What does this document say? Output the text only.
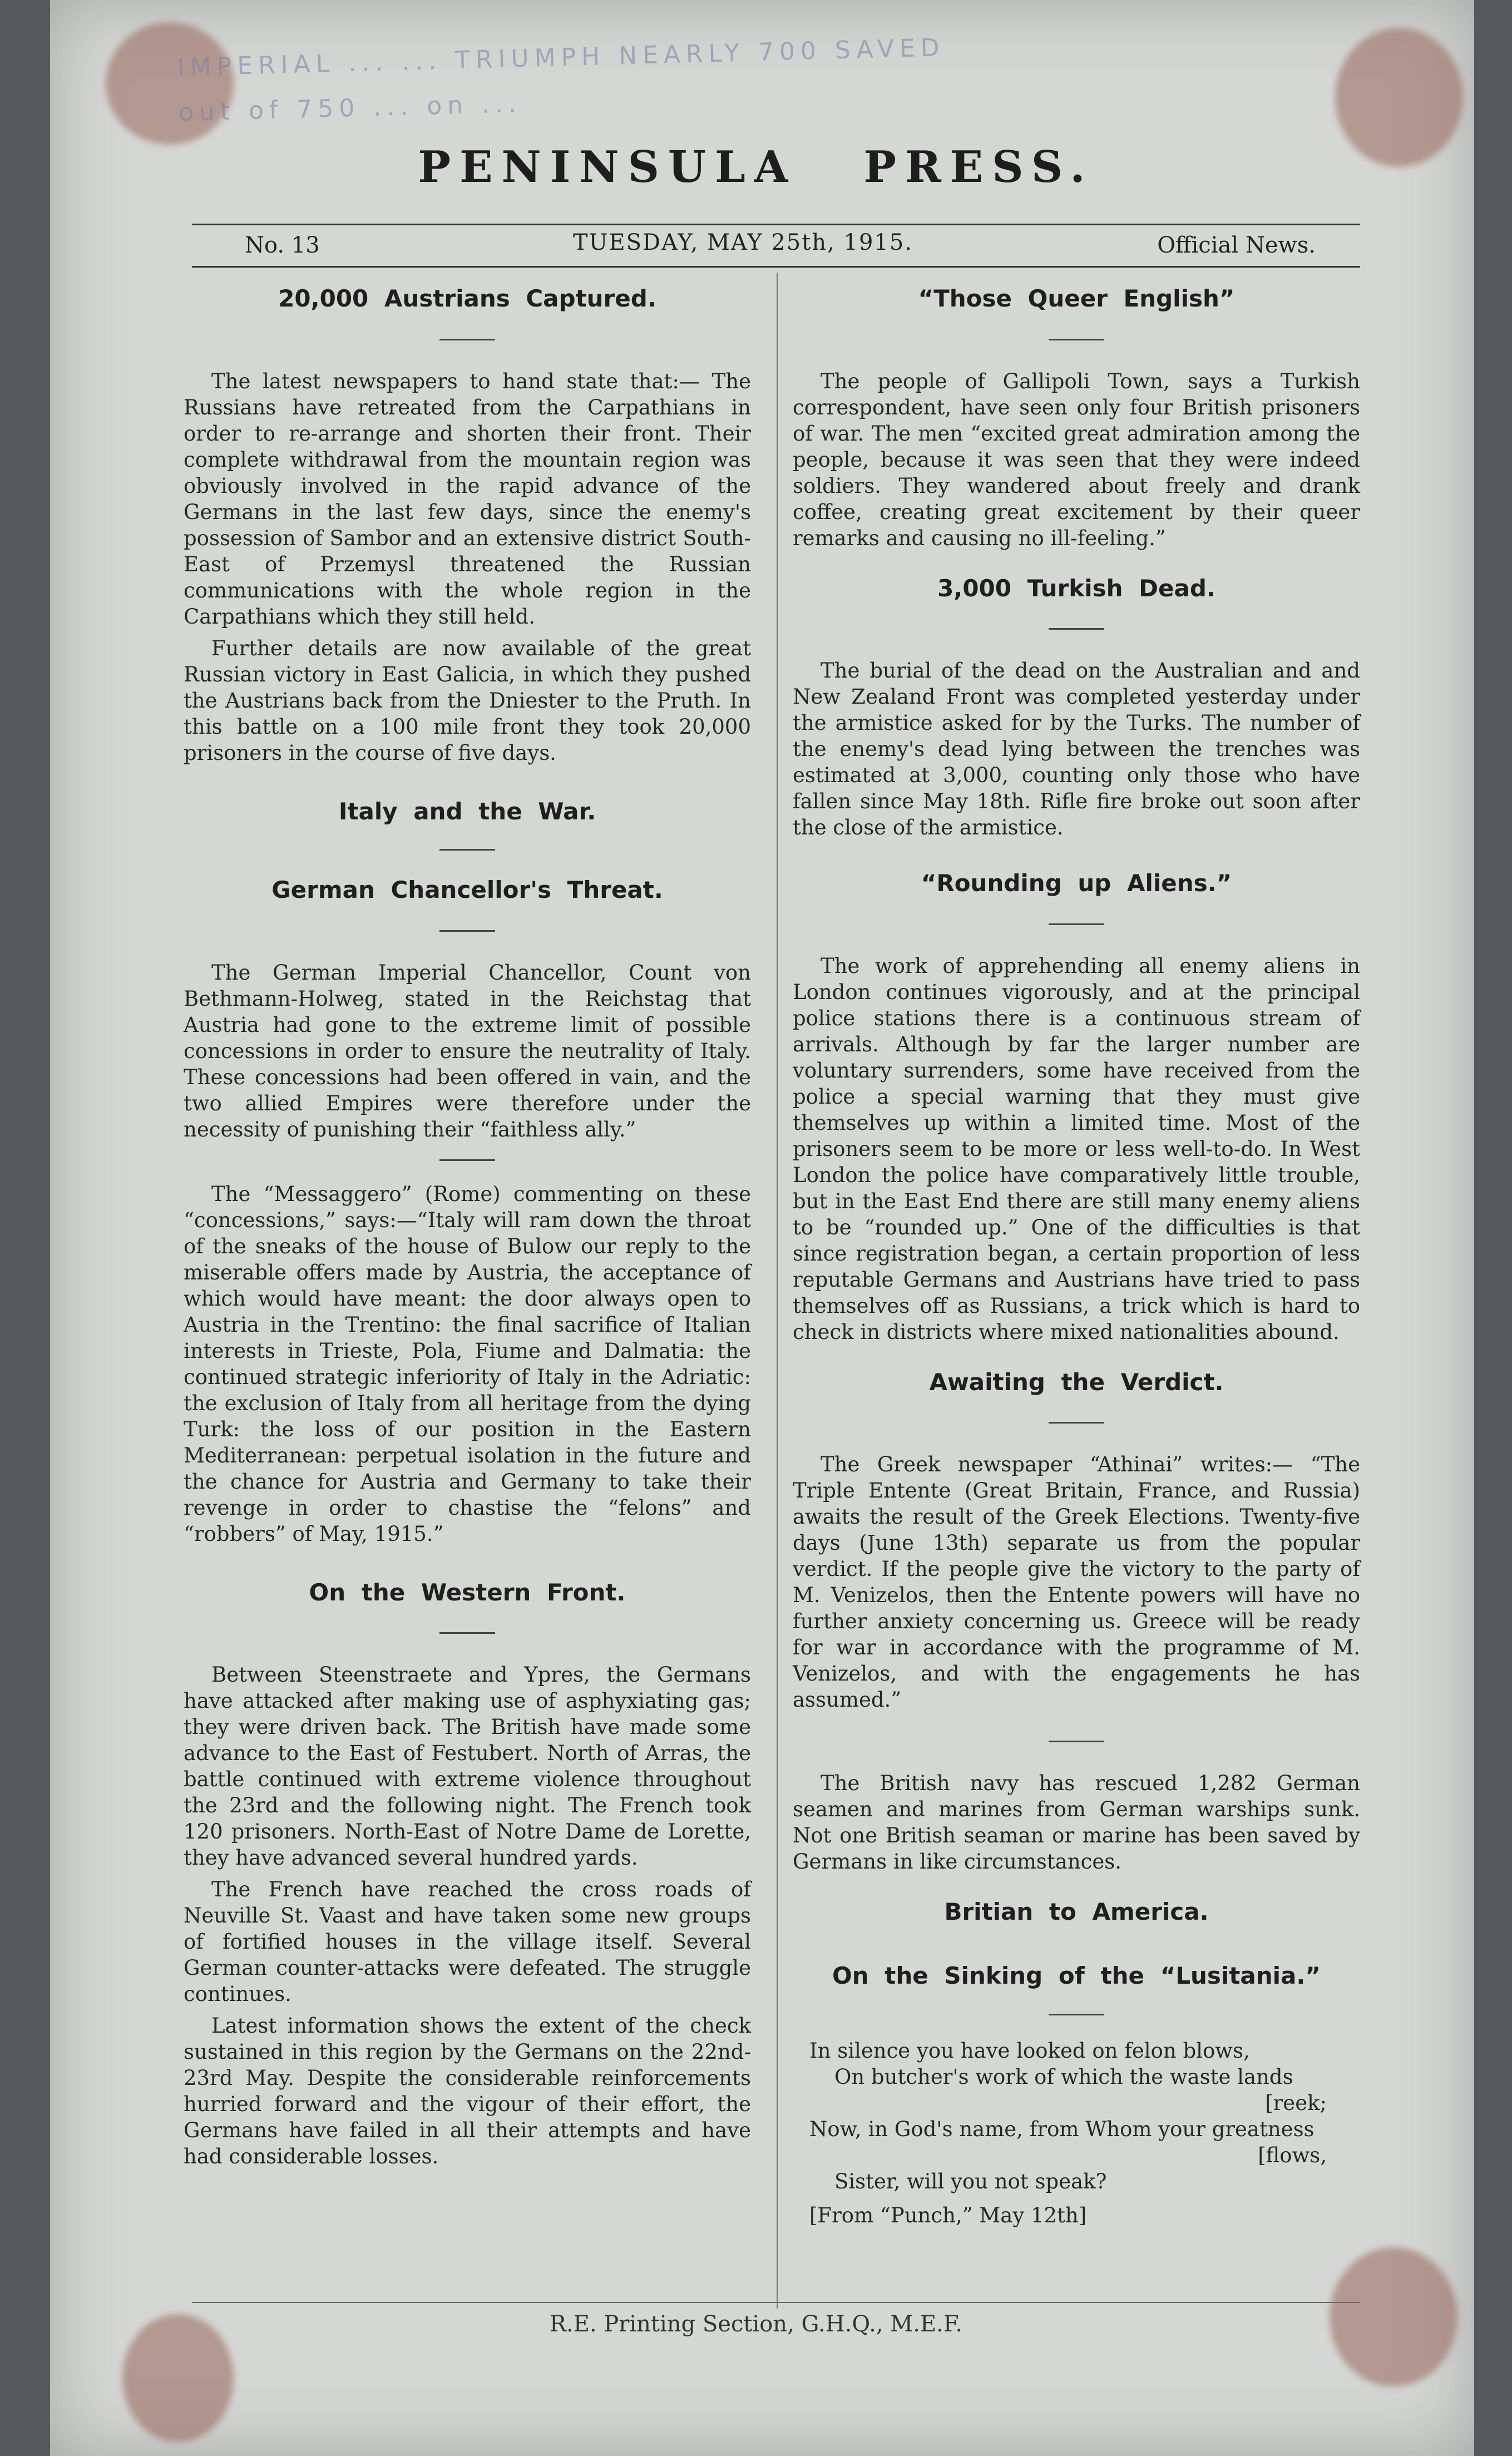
IMPERIAL ... ... TRIUMPH NEARLY 700 SAVED
out of 750 ... on ...
PENINSULA PRESS.
No. 13	TUESDAY, MAY 25th, 1915.	Official News.
20,000 Austrians Captured.

The latest newspapers to hand state that:— The Russians have retreated from the Carpathians in order to re-arrange and shorten their front. Their complete withdrawal from the mountain region was obviously involved in the rapid advance of the Germans in the last few days, since the enemy's possession of Sambor and an extensive district South-East of Przemysl threatened the Russian communications with the whole region in the Carpathians which they still held.

Further details are now available of the great Russian victory in East Galicia, in which they pushed the Austrians back from the Dniester to the Pruth. In this battle on a 100 mile front they took 20,000 prisoners in the course of five days.

Italy and the War.
German Chancellor's Threat.

The German Imperial Chancellor, Count von Bethmann-Holweg, stated in the Reichstag that Austria had gone to the extreme limit of possible concessions in order to ensure the neutrality of Italy. These concessions had been offered in vain, and the two allied Empires were therefore under the necessity of punishing their “faithless ally.”

The “Messaggero” (Rome) commenting on these “concessions,” says:—“Italy will ram down the throat of the sneaks of the house of Bulow our reply to the miserable offers made by Austria, the acceptance of which would have meant: the door always open to Austria in the Trentino: the final sacrifice of Italian interests in Trieste, Pola, Fiume and Dalmatia: the continued strategic inferiority of Italy in the Adriatic: the exclusion of Italy from all heritage from the dying Turk: the loss of our position in the Eastern Mediterranean: perpetual isolation in the future and the chance for Austria and Germany to take their revenge in order to chastise the “felons” and “robbers” of May, 1915.”

On the Western Front.

Between Steenstraete and Ypres, the Germans have attacked after making use of asphyxiating gas; they were driven back. The British have made some advance to the East of Festubert. North of Arras, the battle continued with extreme violence throughout the 23rd and the following night. The French took 120 prisoners. North-East of Notre Dame de Lorette, they have advanced several hundred yards.

The French have reached the cross roads of Neuville St. Vaast and have taken some new groups of fortified houses in the village itself. Several German counter-attacks were defeated. The struggle continues.

Latest information shows the extent of the check sustained in this region by the Germans on the 22nd-23rd May. Despite the considerable reinforcements hurried forward and the vigour of their effort, the Germans have failed in all their attempts and have had considerable losses.

“Those Queer English”

The people of Gallipoli Town, says a Turkish correspondent, have seen only four British prisoners of war. The men “excited great admiration among the people, because it was seen that they were indeed soldiers. They wandered about freely and drank coffee, creating great excitement by their queer remarks and causing no ill-feeling.”

3,000 Turkish Dead.

The burial of the dead on the Australian and and New Zealand Front was completed yesterday under the armistice asked for by the Turks. The number of the enemy's dead lying between the trenches was estimated at 3,000, counting only those who have fallen since May 18th. Rifle fire broke out soon after the close of the armistice.

“Rounding up Aliens.”

The work of apprehending all enemy aliens in London continues vigorously, and at the principal police stations there is a continuous stream of arrivals. Although by far the larger number are voluntary surrenders, some have received from the police a special warning that they must give themselves up within a limited time. Most of the prisoners seem to be more or less well-to-do. In West London the police have comparatively little trouble, but in the East End there are still many enemy aliens to be “rounded up.” One of the difficulties is that since registration began, a certain proportion of less reputable Germans and Austrians have tried to pass themselves off as Russians, a trick which is hard to check in districts where mixed nationalities abound.

Awaiting the Verdict.

The Greek newspaper “Athinai” writes:— “The Triple Entente (Great Britain, France, and Russia) awaits the result of the Greek Elections. Twenty-five days (June 13th) separate us from the popular verdict. If the people give the victory to the party of M. Venizelos, then the Entente powers will have no further anxiety concerning us. Greece will be ready for war in accordance with the programme of M. Venizelos, and with the engagements he has assumed.”

The British navy has rescued 1,282 German seamen and marines from German warships sunk. Not one British seaman or marine has been saved by Germans in like circumstances.

Britian to America.
On the Sinking of the “Lusitania.”
In silence you have looked on felon blows,
On butcher's work of which the waste lands
[reek;
Now, in God's name, from Whom your greatness
[flows,
Sister, will you not speak?
[From “Punch,” May 12th]
R.E. Printing Section, G.H.Q., M.E.F.
